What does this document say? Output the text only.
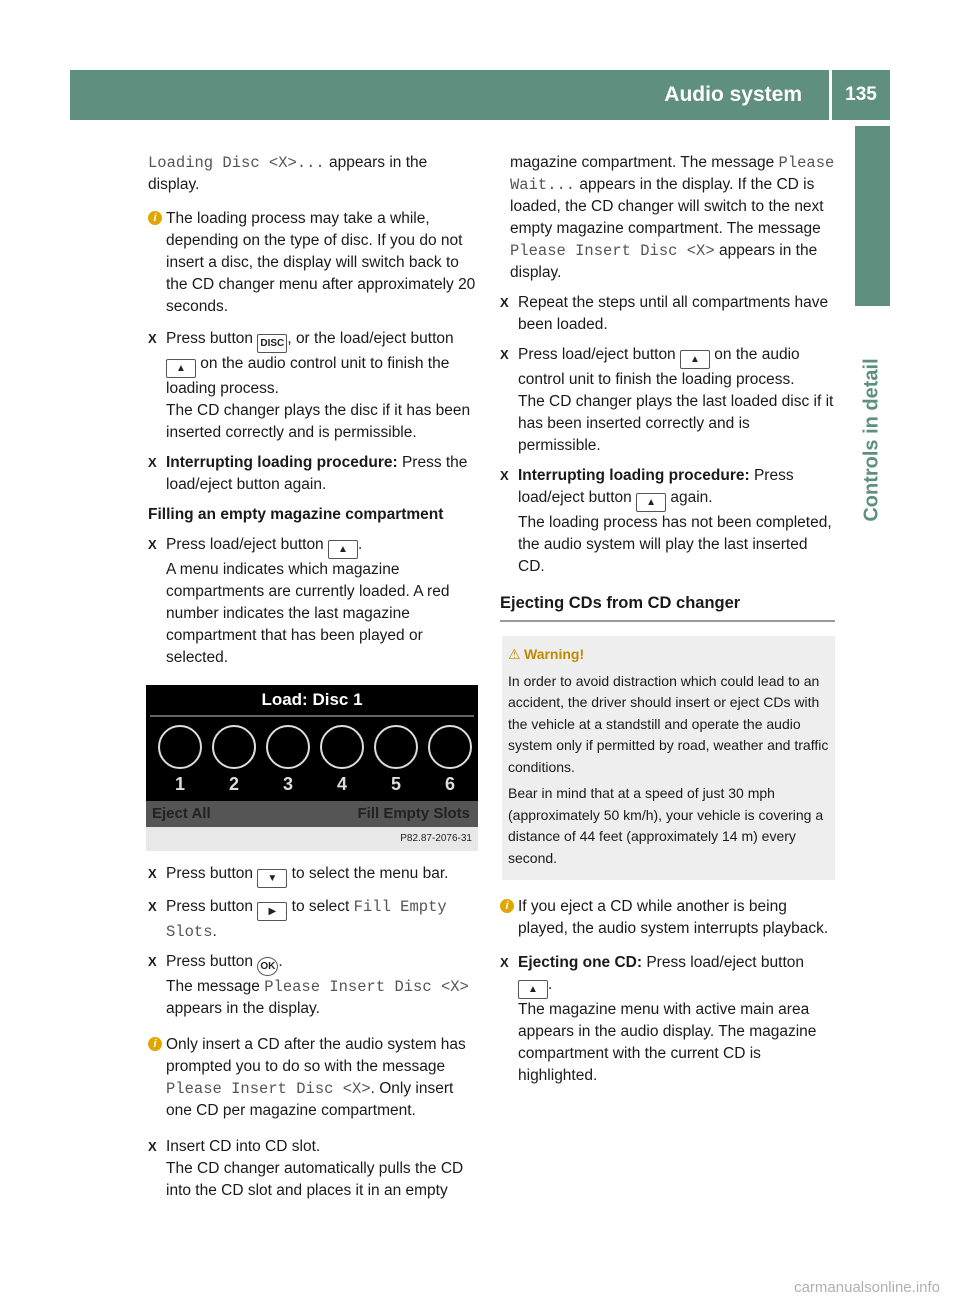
Audio system	135
Controls in detail

Loading Disc <X>... appears in the display.

i The loading process may take a while, depending on the type of disc. If you do not insert a disc, the display will switch back to the CD changer menu after approximately 20 seconds.
X Press button DISC , or the load/eject button ▲ on the audio control unit to finish the loading process.
The CD changer plays the disc if it has been inserted correctly and is permissible.
X Interrupting loading procedure: Press the load/eject button again.

Filling an empty magazine compartment

X Press load/eject button ▲ .
A menu indicates which magazine compartments are currently loaded. A red number indicates the last magazine compartment that has been played or selected.
Load: Disc 1
1	2	3	4	5	6
Eject All	Fill Empty Slots
P82.87-2076-31
X Press button ▼ to select the menu bar.
X Press button ▶ to select Fill Empty Slots.
X Press button OK .
The message Please Insert Disc <X> appears in the display.
i Only insert a CD after the audio system has prompted you to do so with the message Please Insert Disc <X>. Only insert one CD per magazine compartment.
X Insert CD into CD slot.
The CD changer automatically pulls the CD into the CD slot and places it in an empty

magazine compartment. The message Please Wait... appears in the display. If the CD is loaded, the CD changer will switch to the next empty magazine compartment. The message Please Insert Disc <X> appears in the display.

X Repeat the steps until all compartments have been loaded.
X Press load/eject button ▲ on the audio control unit to finish the loading process.
The CD changer plays the last loaded disc if it has been inserted correctly and is permissible.
X Interrupting loading procedure: Press load/eject button ▲ again.
The loading process has not been completed, the audio system will play the last inserted CD.

Ejecting CDs from CD changer

⚠ Warning!

In order to avoid distraction which could lead to an accident, the driver should insert or eject CDs with the vehicle at a standstill and operate the audio system only if permitted by road, weather and traffic conditions.

Bear in mind that at a speed of just 30 mph (approximately 50 km/h), your vehicle is covering a distance of 44 feet (approximately 14 m) every second.

i If you eject a CD while another is being played, the audio system interrupts playback.
X Ejecting one CD: Press load/eject button ▲ .
The magazine menu with active main area appears in the audio display. The magazine compartment with the current CD is highlighted.
carmanualsonline.info
